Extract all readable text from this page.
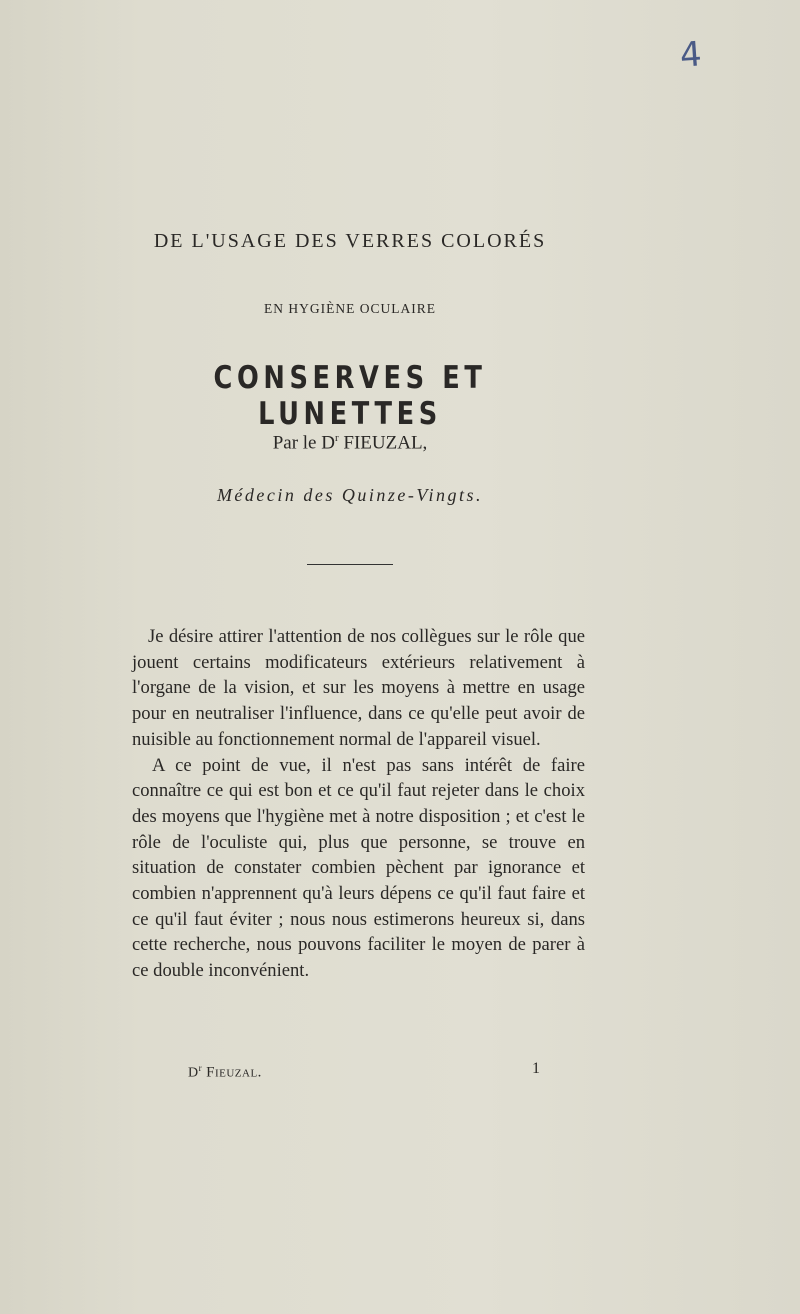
4
DE L'USAGE DES VERRES COLORÉS
EN HYGIÈNE OCULAIRE
CONSERVES ET LUNETTES
Par le $D^r$ FIEUZAL,
Médecin des Quinze-Vingts.

Je désire attirer l'attention de nos collègues sur le rôle que jouent certains modificateurs extérieurs relativement à l'organe de la vision, et sur les moyens à mettre en usage pour en neutraliser l'influence, dans ce qu'elle peut avoir de nuisible au fonctionnement normal de l'appareil visuel.

A ce point de vue, il n'est pas sans intérêt de faire connaître ce qui est bon et ce qu'il faut rejeter dans le choix des moyens que l'hygiène met à notre disposition ; et c'est le rôle de l'oculiste qui, plus que personne, se trouve en situation de constater combien pèchent par ignorance et combien n'apprennent qu'à leurs dépens ce qu'il faut faire et ce qu'il faut éviter ; nous nous estimerons heureux si, dans cette recherche, nous pouvons faciliter le moyen de parer à ce double inconvénient.

$D^r$ Fieuzal.	1
